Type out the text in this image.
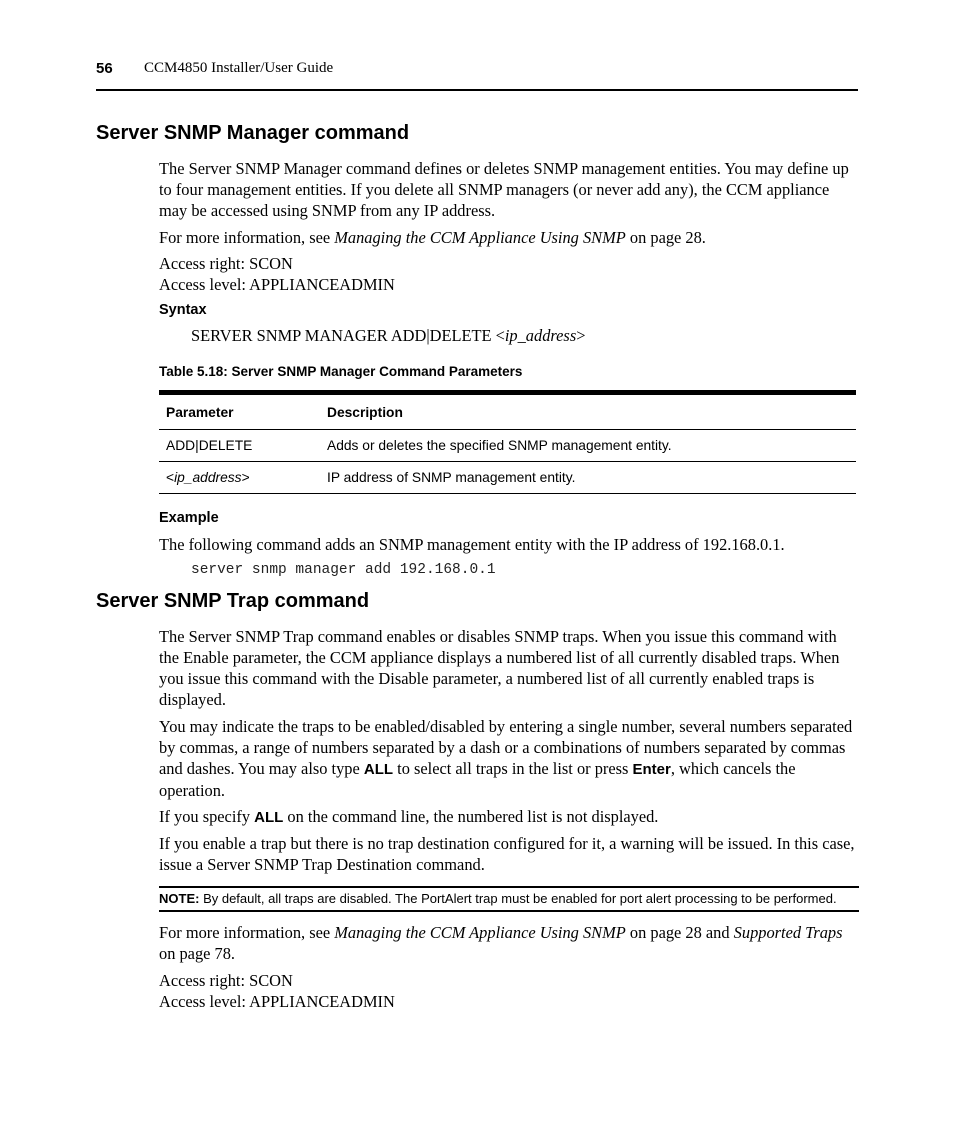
56 CCM4850 Installer/User Guide
Server SNMP Manager command

The Server SNMP Manager command defines or deletes SNMP management entities. You may define up to four management entities. If you delete all SNMP managers (or never add any), the CCM appliance may be accessed using SNMP from any IP address.

For more information, see Managing the CCM Appliance Using SNMP on page 28.

Access right: SCON

Access level: APPLIANCEADMIN

Syntax

SERVER SNMP MANAGER ADD|DELETE <ip_address>
Table 5.18: Server SNMP Manager Command Parameters
Parameter	Description
ADD|DELETE	Adds or deletes the specified SNMP management entity.
<ip_address>	IP address of SNMP management entity.

Example

The following command adds an SNMP management entity with the IP address of 192.168.0.1.

server snmp manager add 192.168.0.1
Server SNMP Trap command

The Server SNMP Trap command enables or disables SNMP traps. When you issue this command with the Enable parameter, the CCM appliance displays a numbered list of all currently disabled traps. When you issue this command with the Disable parameter, a numbered list of all currently enabled traps is displayed.

You may indicate the traps to be enabled/disabled by entering a single number, several numbers separated by commas, a range of numbers separated by a dash or a combinations of numbers separated by commas and dashes. You may also type ALL to select all traps in the list or press Enter, which cancels the operation.

If you specify ALL on the command line, the numbered list is not displayed.

If you enable a trap but there is no trap destination configured for it, a warning will be issued. In this case, issue a Server SNMP Trap Destination command.

NOTE: By default, all traps are disabled. The PortAlert trap must be enabled for port alert processing to be performed.

For more information, see Managing the CCM Appliance Using SNMP on page 28 and Supported Traps on page 78.

Access right: SCON

Access level: APPLIANCEADMIN
